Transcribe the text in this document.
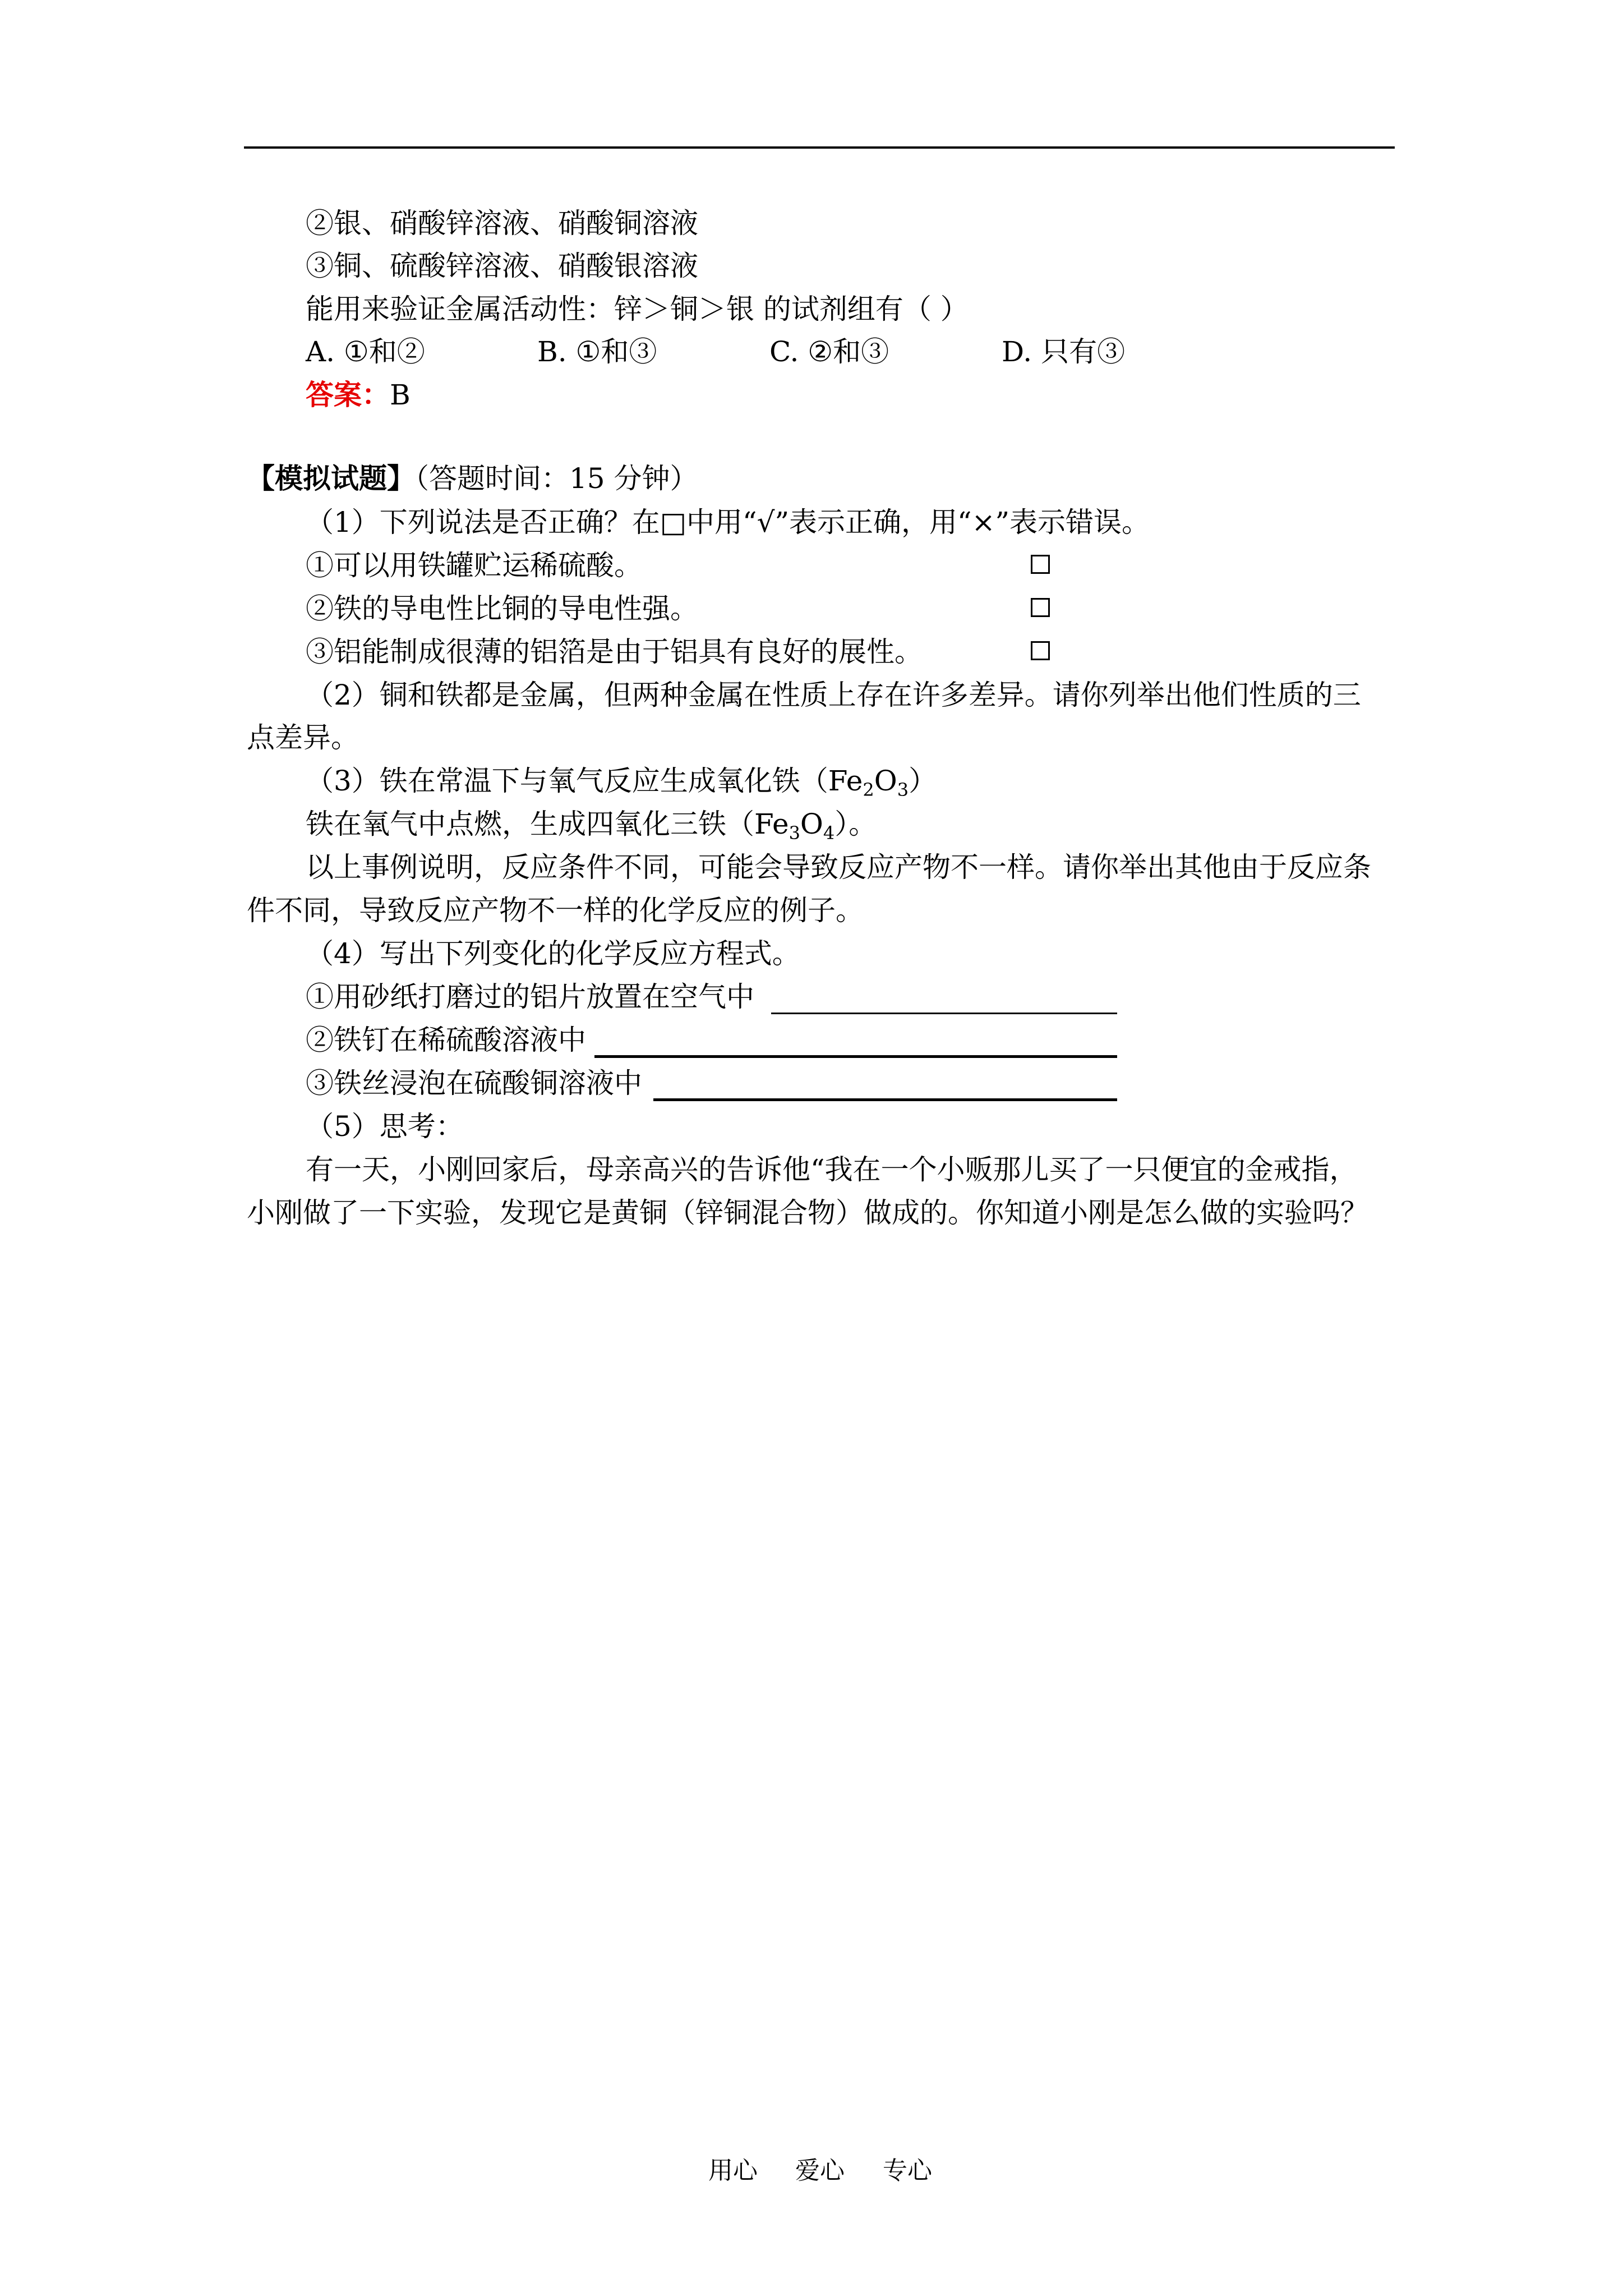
②银、硝酸锌溶液、硝酸铜溶液
③铜、硫酸锌溶液、硝酸银溶液
能用来验证金属活动性：锌＞铜＞银 的试剂组有（ ）
A. ①和②	B. ①和③	C. ②和③	D. 只有③
答案：B
【模拟试题】（答题时间：15 分钟）
（1）下列说法是否正确？在□中用“√”表示正确，用“×”表示错误。
①可以用铁罐贮运稀硫酸。
②铁的导电性比铜的导电性强。
③铝能制成很薄的铝箔是由于铝具有良好的展性。
（2）铜和铁都是金属，但两种金属在性质上存在许多差异。请你列举出他们性质的三
点差异。
（3）铁在常温下与氧气反应生成氧化铁$(Fe_2O_3)$
铁在氧气中点燃，生成四氧化三铁$(Fe_3O_4)$。
以上事例说明，反应条件不同，可能会导致反应产物不一样。请你举出其他由于反应条
件不同，导致反应产物不一样的化学反应的例子。
（4）写出下列变化的化学反应方程式。
①用砂纸打磨过的铝片放置在空气中
②铁钉在稀硫酸溶液中
③铁丝浸泡在硫酸铜溶液中
（5）思考：
有一天，小刚回家后，母亲高兴的告诉他“我在一个小贩那儿买了一只便宜的金戒指，
小刚做了一下实验，发现它是黄铜（锌铜混合物）做成的。你知道小刚是怎么做的实验吗？
用心 爱心 专心
